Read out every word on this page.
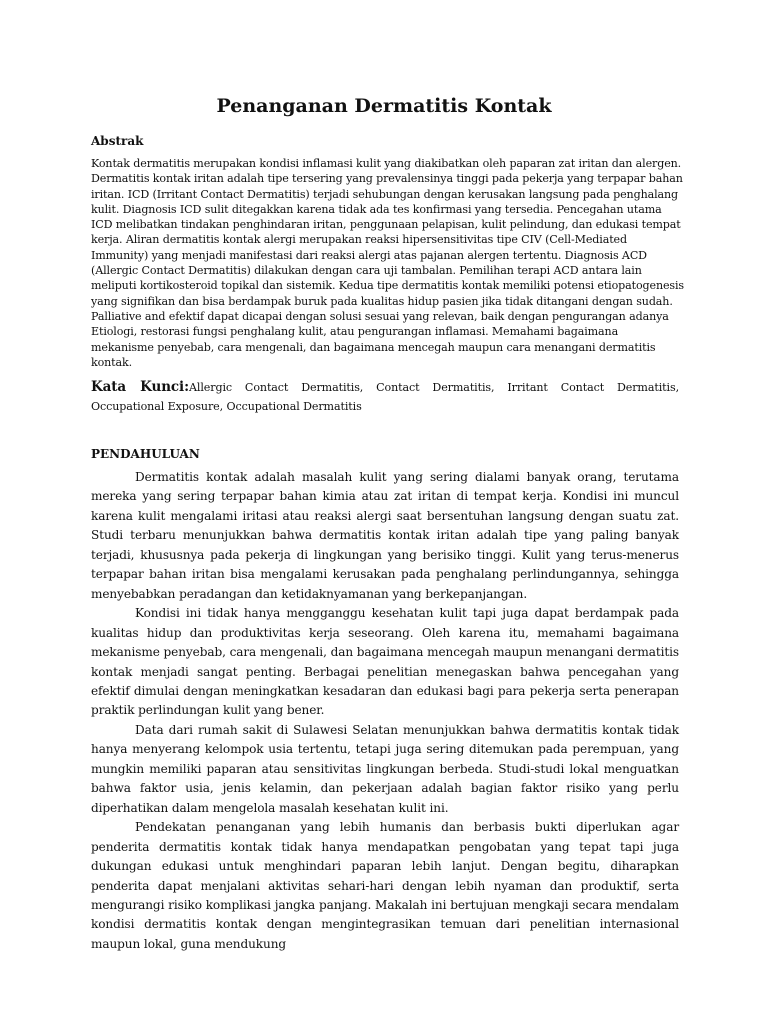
Penanganan Dermatitis Kontak
Abstrak

Kontak dermatitis merupakan kondisi inflamasi kulit yang diakibatkan oleh paparan zat iritan dan alergen. Dermatitis kontak iritan adalah tipe tersering yang prevalensinya tinggi pada pekerja yang terpapar bahan iritan. ICD (Irritant Contact Dermatitis) terjadi sehubungan dengan kerusakan langsung pada penghalang kulit. Diagnosis ICD sulit ditegakkan karena tidak ada tes konfirmasi yang tersedia. Pencegahan utama ICD melibatkan tindakan penghindaran iritan, penggunaan pelapisan, kulit pelindung, dan edukasi tempat kerja. Aliran dermatitis kontak alergi merupakan reaksi hipersensitivitas tipe CIV (Cell-Mediated Immunity) yang menjadi manifestasi dari reaksi alergi atas pajanan alergen tertentu. Diagnosis ACD (Allergic Contact Dermatitis) dilakukan dengan cara uji tambalan. Pemilihan terapi ACD antara lain meliputi kortikosteroid topikal dan sistemik. Kedua tipe dermatitis kontak memiliki potensi etiopatogenesis yang signifikan dan bisa berdampak buruk pada kualitas hidup pasien jika tidak ditangani dengan sudah. Palliative and efektif dapat dicapai dengan solusi sesuai yang relevan, baik dengan pengurangan adanya Etiologi, restorasi fungsi penghalang kulit, atau pengurangan inflamasi. Memahami bagaimana mekanisme penyebab, cara mengenali, dan bagaimana mencegah maupun cara menangani dermatitis kontak.

Kata Kunci:Allergic Contact Dermatitis, Contact Dermatitis, Irritant Contact Dermatitis, Occupational Exposure, Occupational Dermatitis

PENDAHULUAN

Dermatitis kontak adalah masalah kulit yang sering dialami banyak orang, terutama mereka yang sering terpapar bahan kimia atau zat iritan di tempat kerja. Kondisi ini muncul karena kulit mengalami iritasi atau reaksi alergi saat bersentuhan langsung dengan suatu zat. Studi terbaru menunjukkan bahwa dermatitis kontak iritan adalah tipe yang paling banyak terjadi, khususnya pada pekerja di lingkungan yang berisiko tinggi. Kulit yang terus-menerus terpapar bahan iritan bisa mengalami kerusakan pada penghalang perlindungannya, sehingga menyebabkan peradangan dan ketidaknyamanan yang berkepanjangan.

Kondisi ini tidak hanya mengganggu kesehatan kulit tapi juga dapat berdampak pada kualitas hidup dan produktivitas kerja seseorang. Oleh karena itu, memahami bagaimana mekanisme penyebab, cara mengenali, dan bagaimana mencegah maupun menangani dermatitis kontak menjadi sangat penting. Berbagai penelitian menegaskan bahwa pencegahan yang efektif dimulai dengan meningkatkan kesadaran dan edukasi bagi para pekerja serta penerapan praktik perlindungan kulit yang bener.

Data dari rumah sakit di Sulawesi Selatan menunjukkan bahwa dermatitis kontak tidak hanya menyerang kelompok usia tertentu, tetapi juga sering ditemukan pada perempuan, yang mungkin memiliki paparan atau sensitivitas lingkungan berbeda. Studi-studi lokal menguatkan bahwa faktor usia, jenis kelamin, dan pekerjaan adalah bagian faktor risiko yang perlu diperhatikan dalam mengelola masalah kesehatan kulit ini.

Pendekatan penanganan yang lebih humanis dan berbasis bukti diperlukan agar penderita dermatitis kontak tidak hanya mendapatkan pengobatan yang tepat tapi juga dukungan edukasi untuk menghindari paparan lebih lanjut. Dengan begitu, diharapkan penderita dapat menjalani aktivitas sehari-hari dengan lebih nyaman dan produktif, serta mengurangi risiko komplikasi jangka panjang. Makalah ini bertujuan mengkaji secara mendalam kondisi dermatitis kontak dengan mengintegrasikan temuan dari penelitian internasional maupun lokal, guna mendukung
